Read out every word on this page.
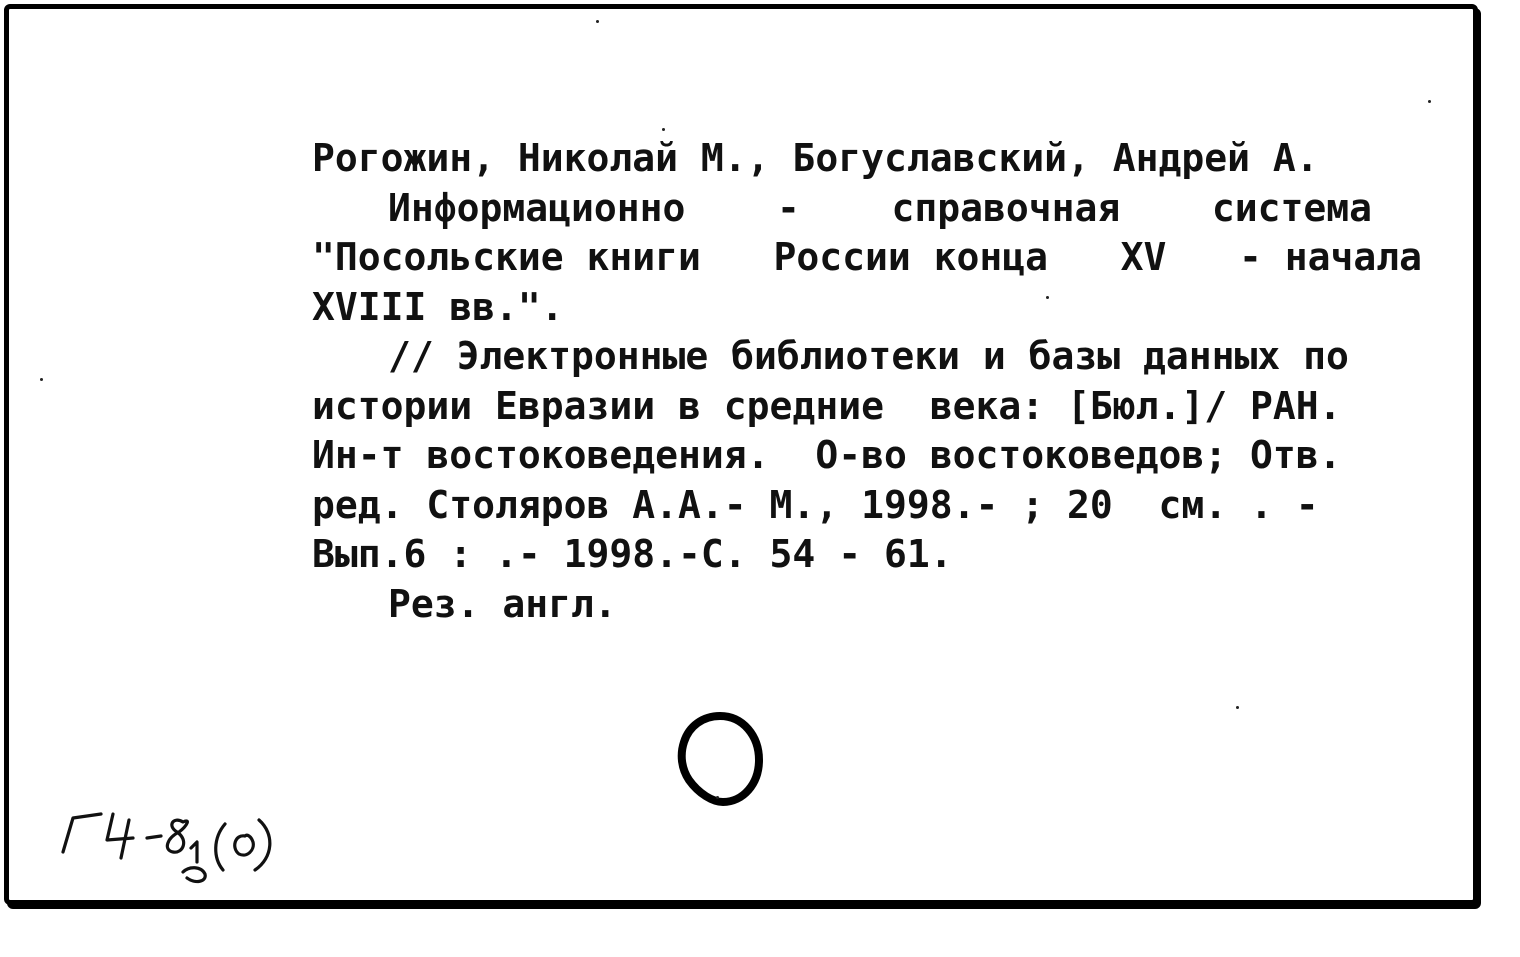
Рогожин, Николай М., Богуславский, Андрей А.
Информационно - справочная система
"Посольские книги России конца XV - начала
XVIII вв.".
// Электронные библиотеки и базы данных по
истории Евразии в средние  века: [Бюл.]/ РАН.
Ин-т востоковедения.  О-во востоковедов; Отв.
ред. Столяров А.А.- М., 1998.- ; 20  см. . -
Вып.6 : .- 1998.-С. 54 - 61.
Рез. англ.
